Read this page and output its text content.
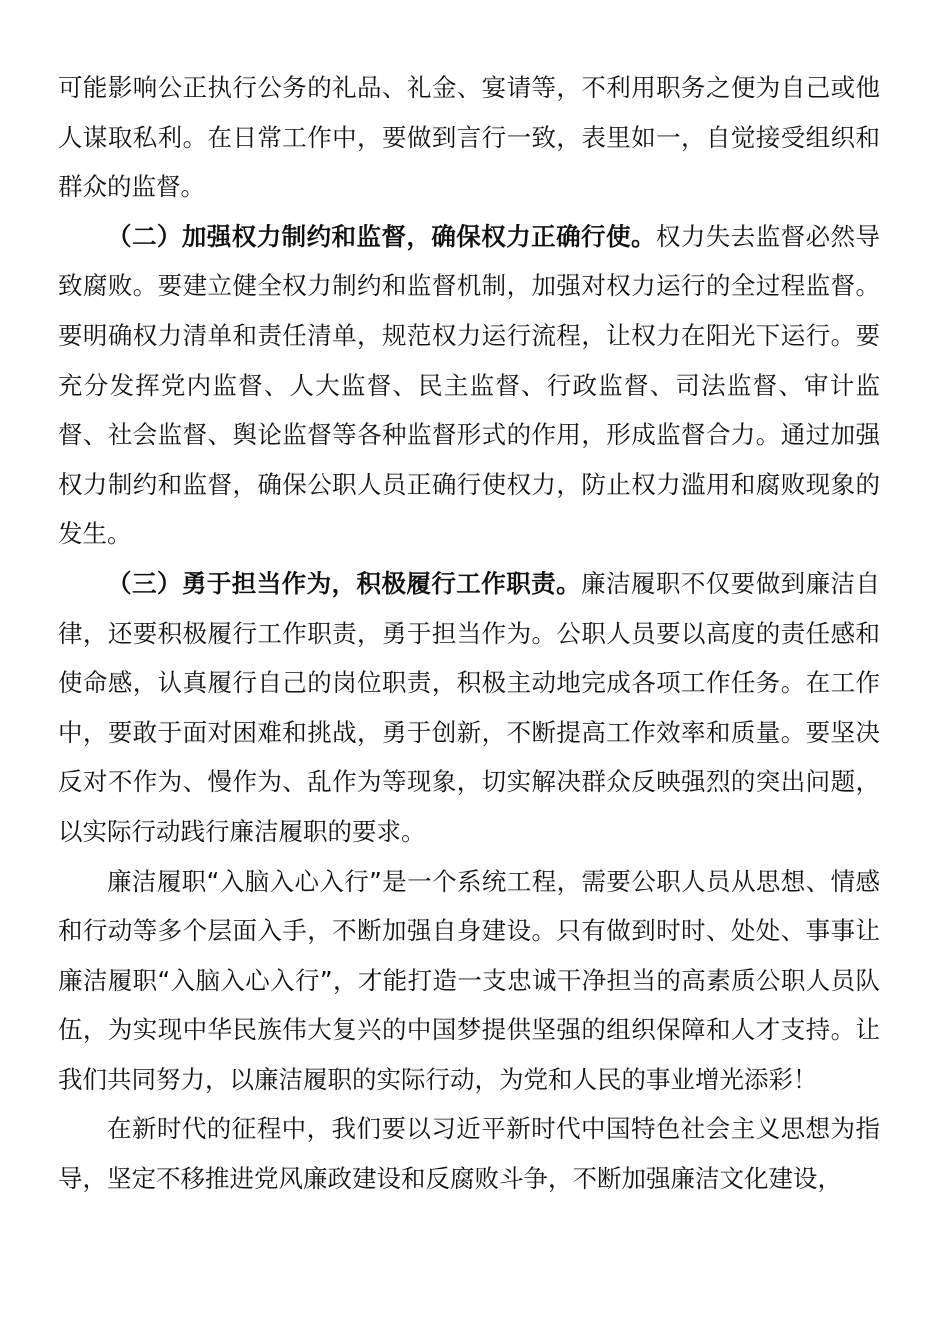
可能影响公正执行公务的礼品、礼金、宴请等，不利用职务之便为自己或他人谋取私利。在日常工作中，要做到言行一致，表里如一，自觉接受组织和群众的监督。

（二）加强权力制约和监督，确保权力正确行使。权力失去监督必然导致腐败。要建立健全权力制约和监督机制，加强对权力运行的全过程监督。要明确权力清单和责任清单，规范权力运行流程，让权力在阳光下运行。要充分发挥党内监督、人大监督、民主监督、行政监督、司法监督、审计监督、社会监督、舆论监督等各种监督形式的作用，形成监督合力。通过加强权力制约和监督，确保公职人员正确行使权力，防止权力滥用和腐败现象的发生。

（三）勇于担当作为，积极履行工作职责。廉洁履职不仅要做到廉洁自律，还要积极履行工作职责，勇于担当作为。公职人员要以高度的责任感和使命感，认真履行自己的岗位职责，积极主动地完成各项工作任务。在工作中，要敢于面对困难和挑战，勇于创新，不断提高工作效率和质量。要坚决反对不作为、慢作为、乱作为等现象，切实解决群众反映强烈的突出问题，以实际行动践行廉洁履职的要求。

廉洁履职“入脑入心入行”是一个系统工程，需要公职人员从思想、情感和行动等多个层面入手，不断加强自身建设。只有做到时时、处处、事事让廉洁履职“入脑入心入行”，才能打造一支忠诚干净担当的高素质公职人员队伍，为实现中华民族伟大复兴的中国梦提供坚强的组织保障和人才支持。让我们共同努力，以廉洁履职的实际行动，为党和人民的事业增光添彩！

在新时代的征程中，我们要以习近平新时代中国特色社会主义思想为指导，坚定不移推进党风廉政建设和反腐败斗争，不断加强廉洁文化建设，
